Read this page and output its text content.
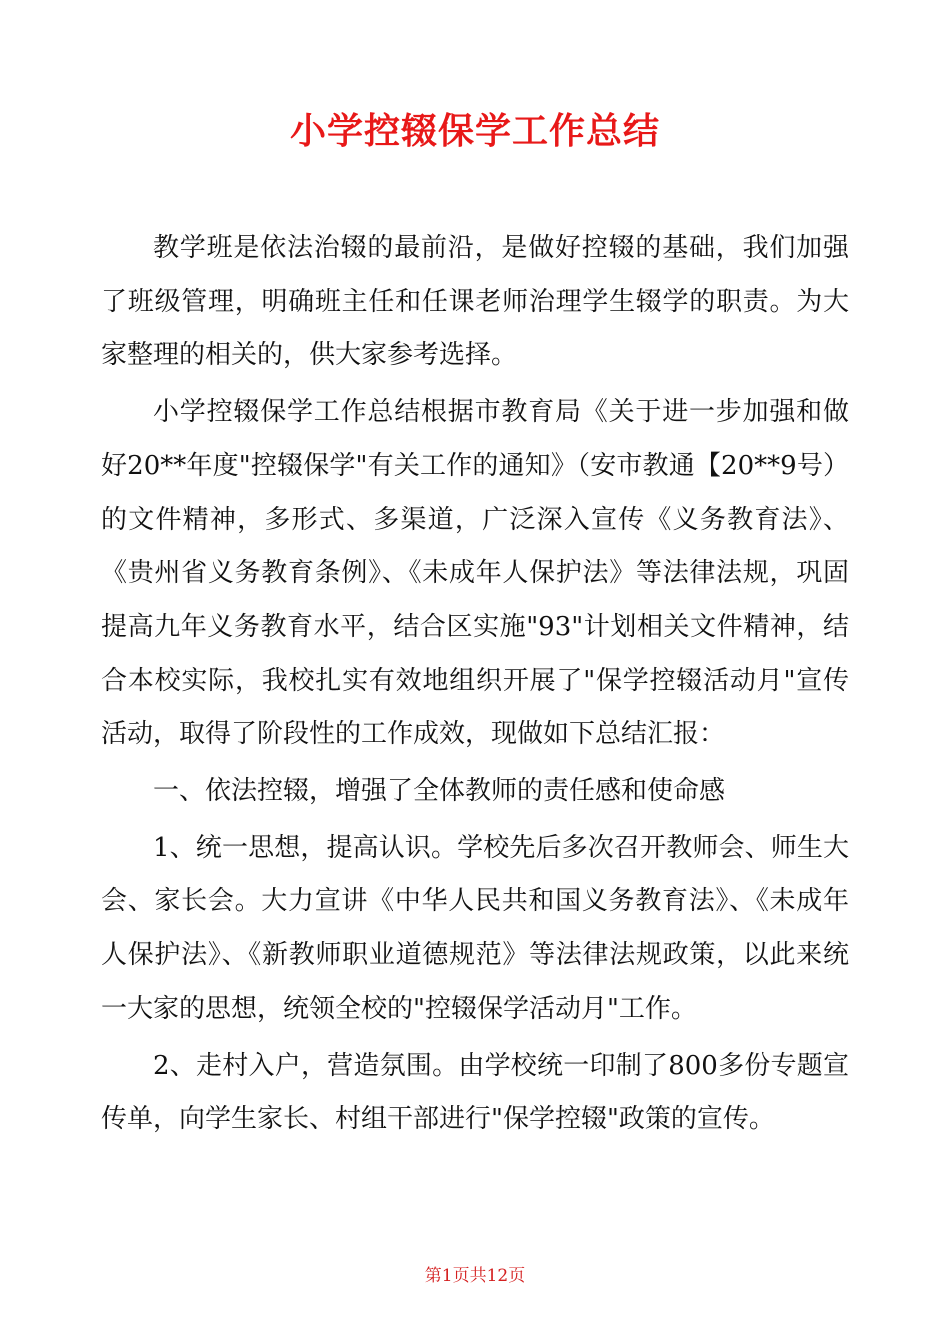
小学控辍保学工作总结

教学班是依法治辍的最前沿，是做好控辍的基础，我们加强了班级管理，明确班主任和任课老师治理学生辍学的职责。为大家整理的相关的，供大家参考选择。

小学控辍保学工作总结根据市教育局《关于进一步加强和做好20**年度"控辍保学"有关工作的通知》（安市教通【20**9号）的文件精神，多形式、多渠道，广泛深入宣传《义务教育法》、《贵州省义务教育条例》、《未成年人保护法》等法律法规，巩固提高九年义务教育水平，结合区实施"93"计划相关文件精神，结合本校实际，我校扎实有效地组织开展了"保学控辍活动月"宣传活动，取得了阶段性的工作成效，现做如下总结汇报：

一、依法控辍，增强了全体教师的责任感和使命感

1、统一思想，提高认识。学校先后多次召开教师会、师生大会、家长会。大力宣讲《中华人民共和国义务教育法》、《未成年人保护法》、《新教师职业道德规范》等法律法规政策，以此来统一大家的思想，统领全校的"控辍保学活动月"工作。

2、走村入户，营造氛围。由学校统一印制了800多份专题宣传单，向学生家长、村组干部进行"保学控辍"政策的宣传。

第1页共12页
